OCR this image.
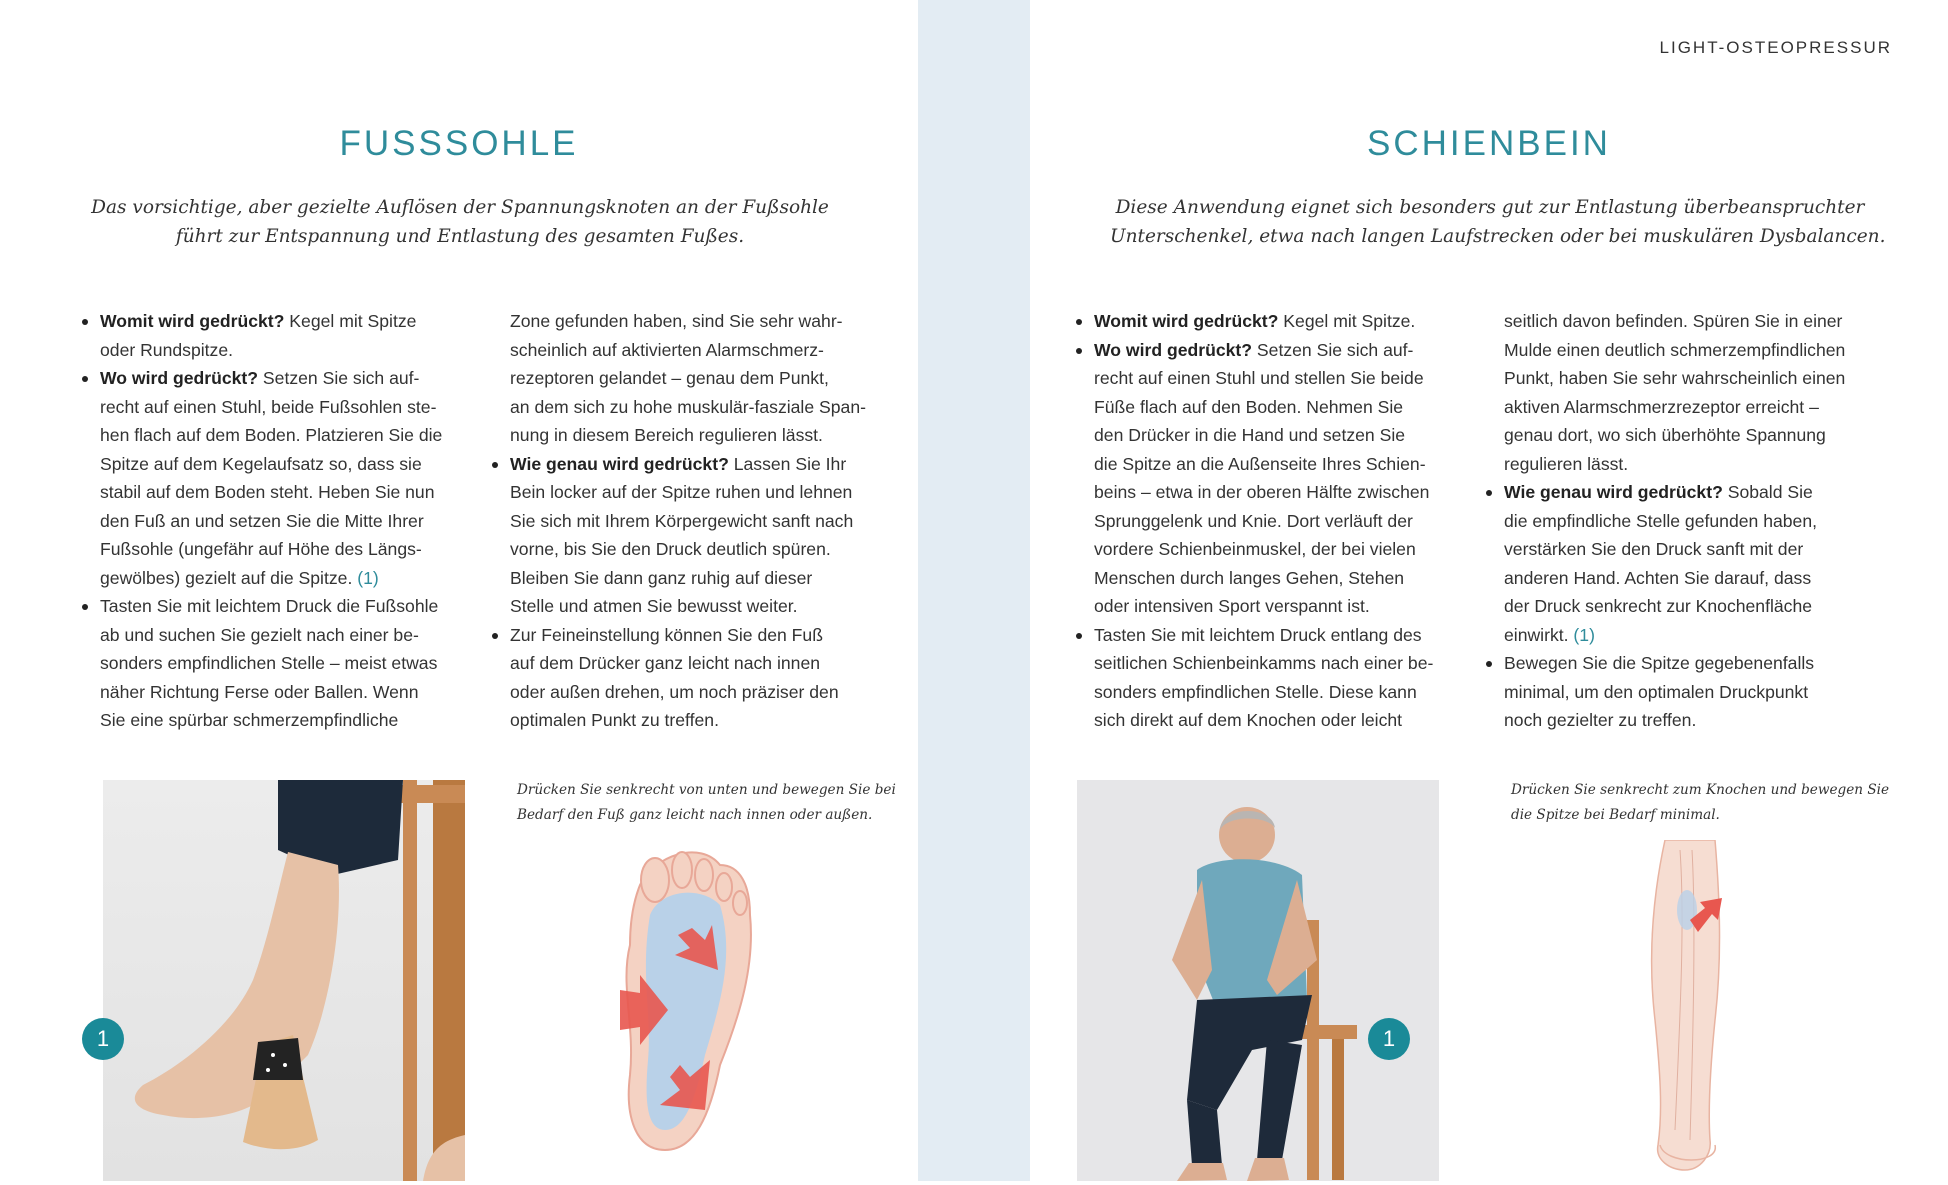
FUSSSOHLE
Das vorsichtige, aber gezielte Auflösen der Spannungsknoten an der Fußsohle
führt zur Entspannung und Entlastung des gesamten Fußes.
Womit wird gedrückt? Kegel mit Spitze
oder Rundspitze.
Wo wird gedrückt? Setzen Sie sich auf-
recht auf einen Stuhl, beide Fußsohlen ste-
hen flach auf dem Boden. Platzieren Sie die
Spitze auf dem Kegelaufsatz so, dass sie
stabil auf dem Boden steht. Heben Sie nun
den Fuß an und setzen Sie die Mitte Ihrer
Fußsohle (ungefähr auf Höhe des Längs-
gewölbes) gezielt auf die Spitze. (1)
Tasten Sie mit leichtem Druck die Fußsohle
ab und suchen Sie gezielt nach einer be-
sonders empfindlichen Stelle – meist etwas
näher Richtung Ferse oder Ballen. Wenn
Sie eine spürbar schmerzempfindliche
Zone gefunden haben, sind Sie sehr wahr-
scheinlich auf aktivierten Alarmschmerz-
rezeptoren gelandet – genau dem Punkt,
an dem sich zu hohe muskulär-fasziale Span-
nung in diesem Bereich regulieren lässt.
Wie genau wird gedrückt? Lassen Sie Ihr
Bein locker auf der Spitze ruhen und lehnen
Sie sich mit Ihrem Körpergewicht sanft nach
vorne, bis Sie den Druck deutlich spüren.
Bleiben Sie dann ganz ruhig auf dieser
Stelle und atmen Sie bewusst weiter.
Zur Feineinstellung können Sie den Fuß
auf dem Drücker ganz leicht nach innen
oder außen drehen, um noch präziser den
optimalen Punkt zu treffen.
1
Drücken Sie senkrecht von unten und bewegen Sie bei
Bedarf den Fuß ganz leicht nach innen oder außen.
LIGHT-OSTEOPRESSUR
SCHIENBEIN
Diese Anwendung eignet sich besonders gut zur Entlastung überbeanspruchter
Unterschenkel, etwa nach langen Laufstrecken oder bei muskulären Dysbalancen.
Womit wird gedrückt? Kegel mit Spitze.
Wo wird gedrückt? Setzen Sie sich auf-
recht auf einen Stuhl und stellen Sie beide
Füße flach auf den Boden. Nehmen Sie
den Drücker in die Hand und setzen Sie
die Spitze an die Außenseite Ihres Schien-
beins – etwa in der oberen Hälfte zwischen
Sprunggelenk und Knie. Dort verläuft der
vordere Schienbeinmuskel, der bei vielen
Menschen durch langes Gehen, Stehen
oder intensiven Sport verspannt ist.
Tasten Sie mit leichtem Druck entlang des
seitlichen Schienbeinkamms nach einer be-
sonders empfindlichen Stelle. Diese kann
sich direkt auf dem Knochen oder leicht
seitlich davon befinden. Spüren Sie in einer
Mulde einen deutlich schmerzempfindlichen
Punkt, haben Sie sehr wahrscheinlich einen
aktiven Alarmschmerzrezeptor erreicht –
genau dort, wo sich überhöhte Spannung
regulieren lässt.
Wie genau wird gedrückt? Sobald Sie
die empfindliche Stelle gefunden haben,
verstärken Sie den Druck sanft mit der
anderen Hand. Achten Sie darauf, dass
der Druck senkrecht zur Knochenfläche
einwirkt. (1)
Bewegen Sie die Spitze gegebenenfalls
minimal, um den optimalen Druckpunkt
noch gezielter zu treffen.
1
Drücken Sie senkrecht zum Knochen und bewegen Sie
die Spitze bei Bedarf minimal.
